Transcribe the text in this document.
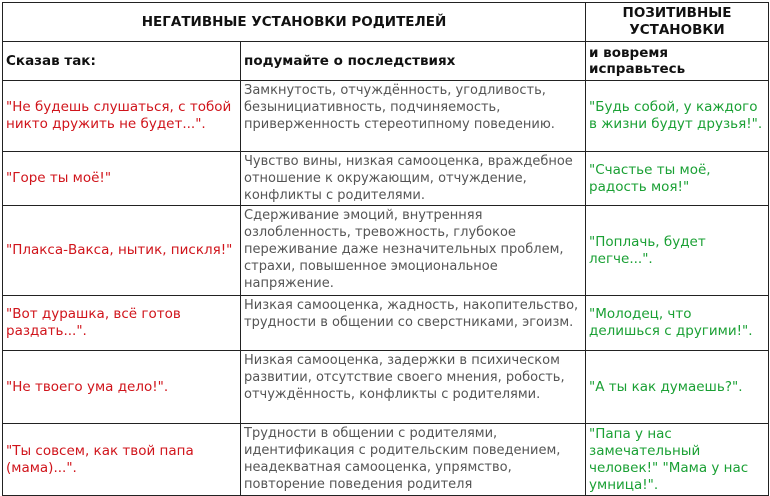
НЕГАТИВНЫЕ УСТАНОВКИ РОДИТЕЛЕЙ		ПОЗИТИВНЫЕ
УСТАНОВКИ

Сказав так:	подумайте о последствиях	и вовремя
исправьтесь

"Не будешь слушаться, с тобой никто дружить не будет...".	Замкнутость, отчуждённость, угодливость, безынициативность, подчиняемость, приверженность стереотипному поведению.	"Будь собой, у каждого в жизни будут друзья!".
"Горе ты моё!"	Чувство вины, низкая самооценка, враждебное отношение к окружающим, отчуждение, конфликты с родителями.	"Счастье ты моё, радость моя!"
"Плакса-Вакса, нытик, пискля!"	Сдерживание эмоций, внутренняя озлобленность, тревожность, глубокое переживание даже незначительных проблем, страхи, повышенное эмоциональное напряжение.	"Поплачь, будет легче...".
"Вот дурашка, всё готов раздать...".	Низкая самооценка, жадность, накопительство, трудности в общении со сверстниками, эгоизм.	"Молодец, что делишься с другими!".
"Не твоего ума дело!".	Низкая самооценка, задержки в психическом развитии, отсутствие своего мнения, робость, отчуждённость, конфликты с родителями.	"А ты как думаешь?".
"Ты совсем, как твой папа (мама)...".	Трудности в общении с родителями, идентификация с родительским поведением, неадекватная самооценка, упрямство, повторение поведения родителя	"Папа у нас замечательный человек!" "Мама у нас умница!".
